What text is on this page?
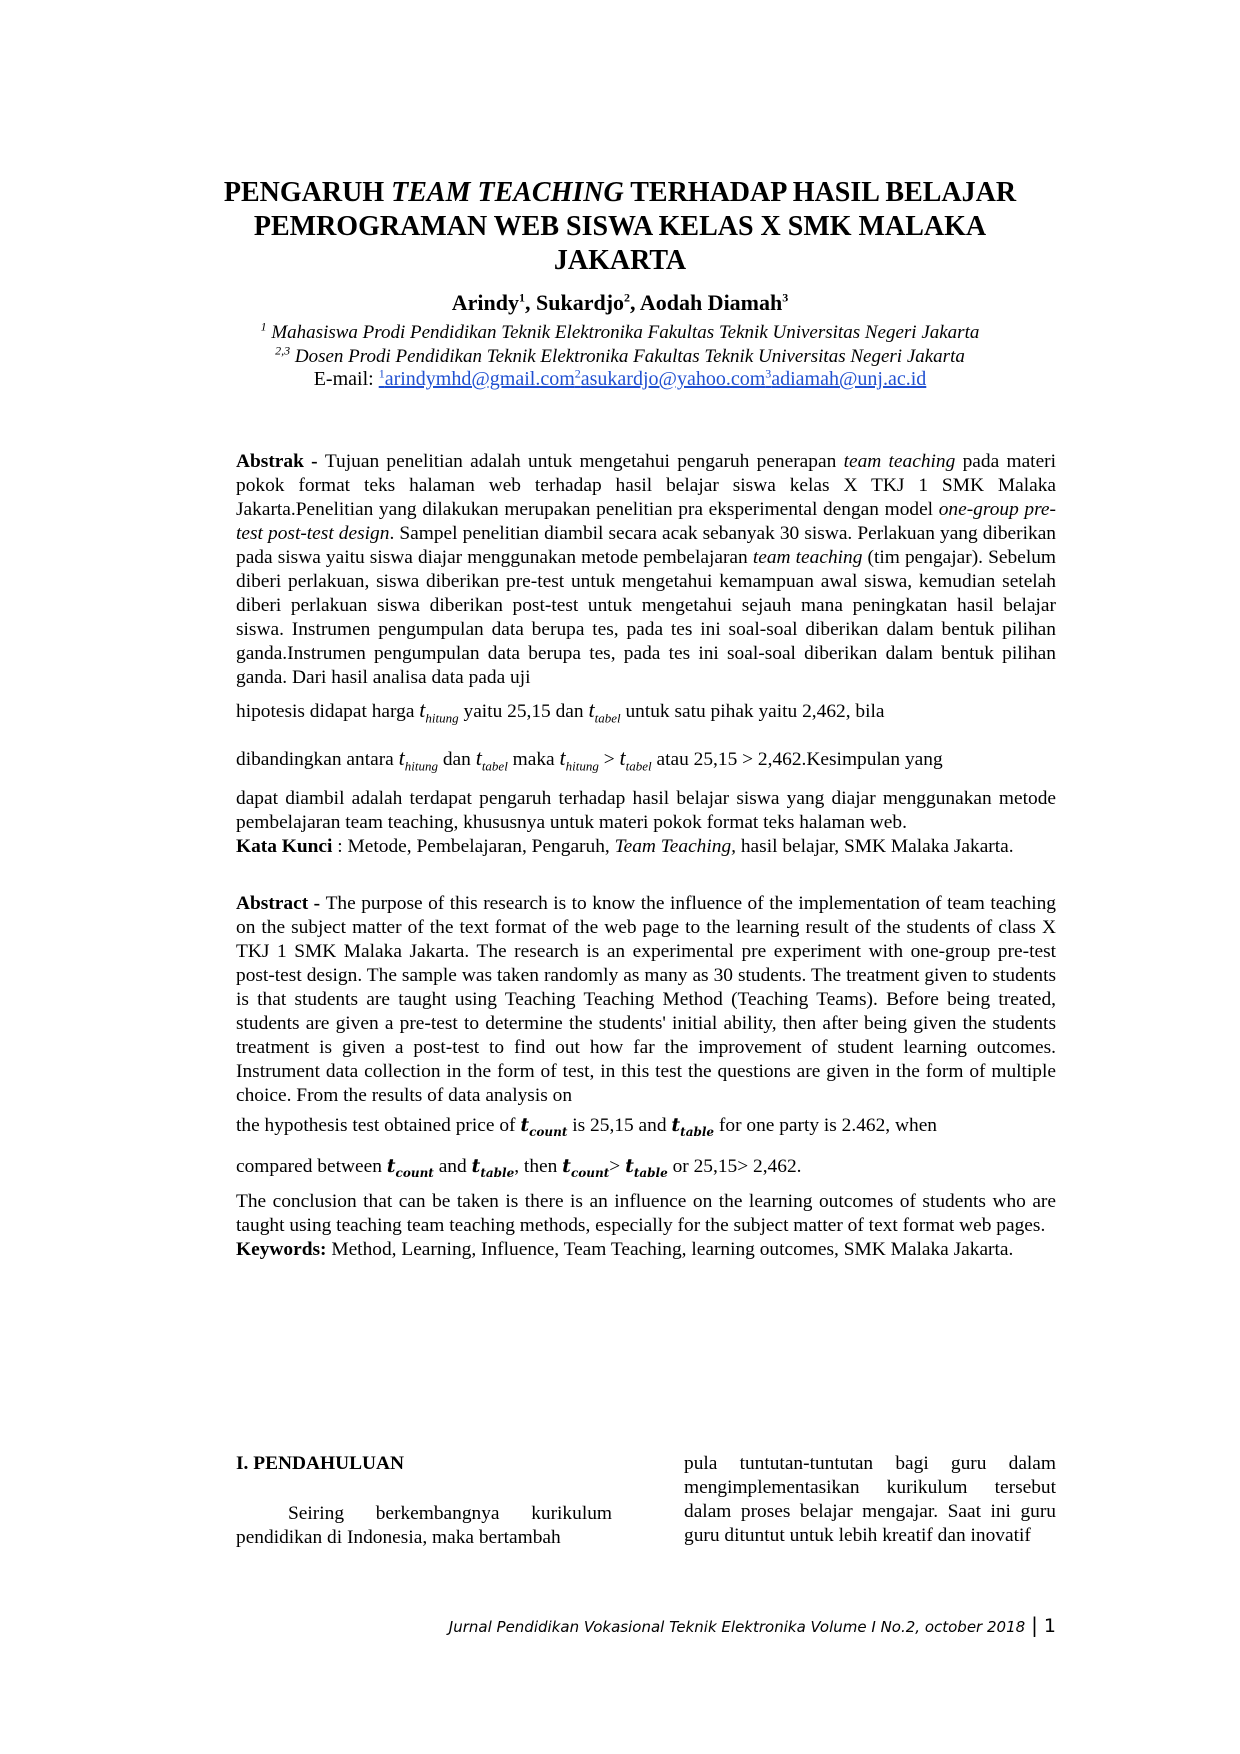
PENGARUH TEAM TEACHING TERHADAP HASIL BELAJAR PEMROGRAMAN WEB SISWA KELAS X SMK MALAKA JAKARTA
Arindy$^1$, Sukardjo$^2$, Aodah Diamah$^3$
$^1$ Mahasiswa Prodi Pendidikan Teknik Elektronika Fakultas Teknik Universitas Negeri Jakarta
$^{2,3}$ Dosen Prodi Pendidikan Teknik Elektronika Fakultas Teknik Universitas Negeri Jakarta
E-mail: $^1$arindymhd@gmail.com$^2$asukardjo@yahoo.com$^3$adiamah@unj.ac.id
Abstrak - Tujuan penelitian adalah untuk mengetahui pengaruh penerapan team teaching pada materi pokok format teks halaman web terhadap hasil belajar siswa kelas X TKJ 1 SMK Malaka Jakarta.Penelitian yang dilakukan merupakan penelitian pra eksperimental dengan model one-group pre-test post-test design. Sampel penelitian diambil secara acak sebanyak 30 siswa. Perlakuan yang diberikan pada siswa yaitu siswa diajar menggunakan metode pembelajaran team teaching (tim pengajar). Sebelum diberi perlakuan, siswa diberikan pre-test untuk mengetahui kemampuan awal siswa, kemudian setelah diberi perlakuan siswa diberikan post-test untuk mengetahui sejauh mana peningkatan hasil belajar siswa. Instrumen pengumpulan data berupa tes, pada tes ini soal-soal diberikan dalam bentuk pilihan ganda.Instrumen pengumpulan data berupa tes, pada tes ini soal-soal diberikan dalam bentuk pilihan ganda. Dari hasil analisa data pada uji
hipotesis didapat harga $t_{hitung}$ yaitu 25,15 dan $t_{tabel}$ untuk satu pihak yaitu 2,462, bila
dibandingkan antara $t_{hitung}$ dan $t_{tabel}$ maka $t_{hitung} > t_{tabel}$ atau 25,15 > 2,462.Kesimpulan yang
dapat diambil adalah terdapat pengaruh terhadap hasil belajar siswa yang diajar menggunakan metode pembelajaran team teaching, khususnya untuk materi pokok format teks halaman web.
Kata Kunci : Metode, Pembelajaran, Pengaruh, Team Teaching, hasil belajar, SMK Malaka Jakarta.
Abstract - The purpose of this research is to know the influence of the implementation of team teaching on the subject matter of the text format of the web page to the learning result of the students of class X TKJ 1 SMK Malaka Jakarta. The research is an experimental pre experiment with one-group pre-test post-test design. The sample was taken randomly as many as 30 students. The treatment given to students is that students are taught using Teaching Teaching Method (Teaching Teams). Before being treated, students are given a pre-test to determine the students' initial ability, then after being given the students treatment is given a post-test to find out how far the improvement of student learning outcomes. Instrument data collection in the form of test, in this test the questions are given in the form of multiple choice. From the results of data analysis on
the hypothesis test obtained price of $t_{count}$ is 25,15 and $t_{table}$ for one party is 2.462, when
compared between $t_{count}$ and $t_{table}$, then $t_{count}> t_{table}$ or 25,15> 2,462.
The conclusion that can be taken is there is an influence on the learning outcomes of students who are taught using teaching team teaching methods, especially for the subject matter of text format web pages.
Keywords: Method, Learning, Influence, Team Teaching, learning outcomes, SMK Malaka Jakarta.
I. PENDAHULUAN

Seiring berkembangnya kurikulum pendidikan di Indonesia, maka bertambah

pula tuntutan-tuntutan bagi guru dalam mengimplementasikan kurikulum tersebut dalam proses belajar mengajar. Saat ini guru guru dituntut untuk lebih kreatif dan inovatif

Jurnal Pendidikan Vokasional Teknik Elektronika Volume I No.2, october 2018 | 1
